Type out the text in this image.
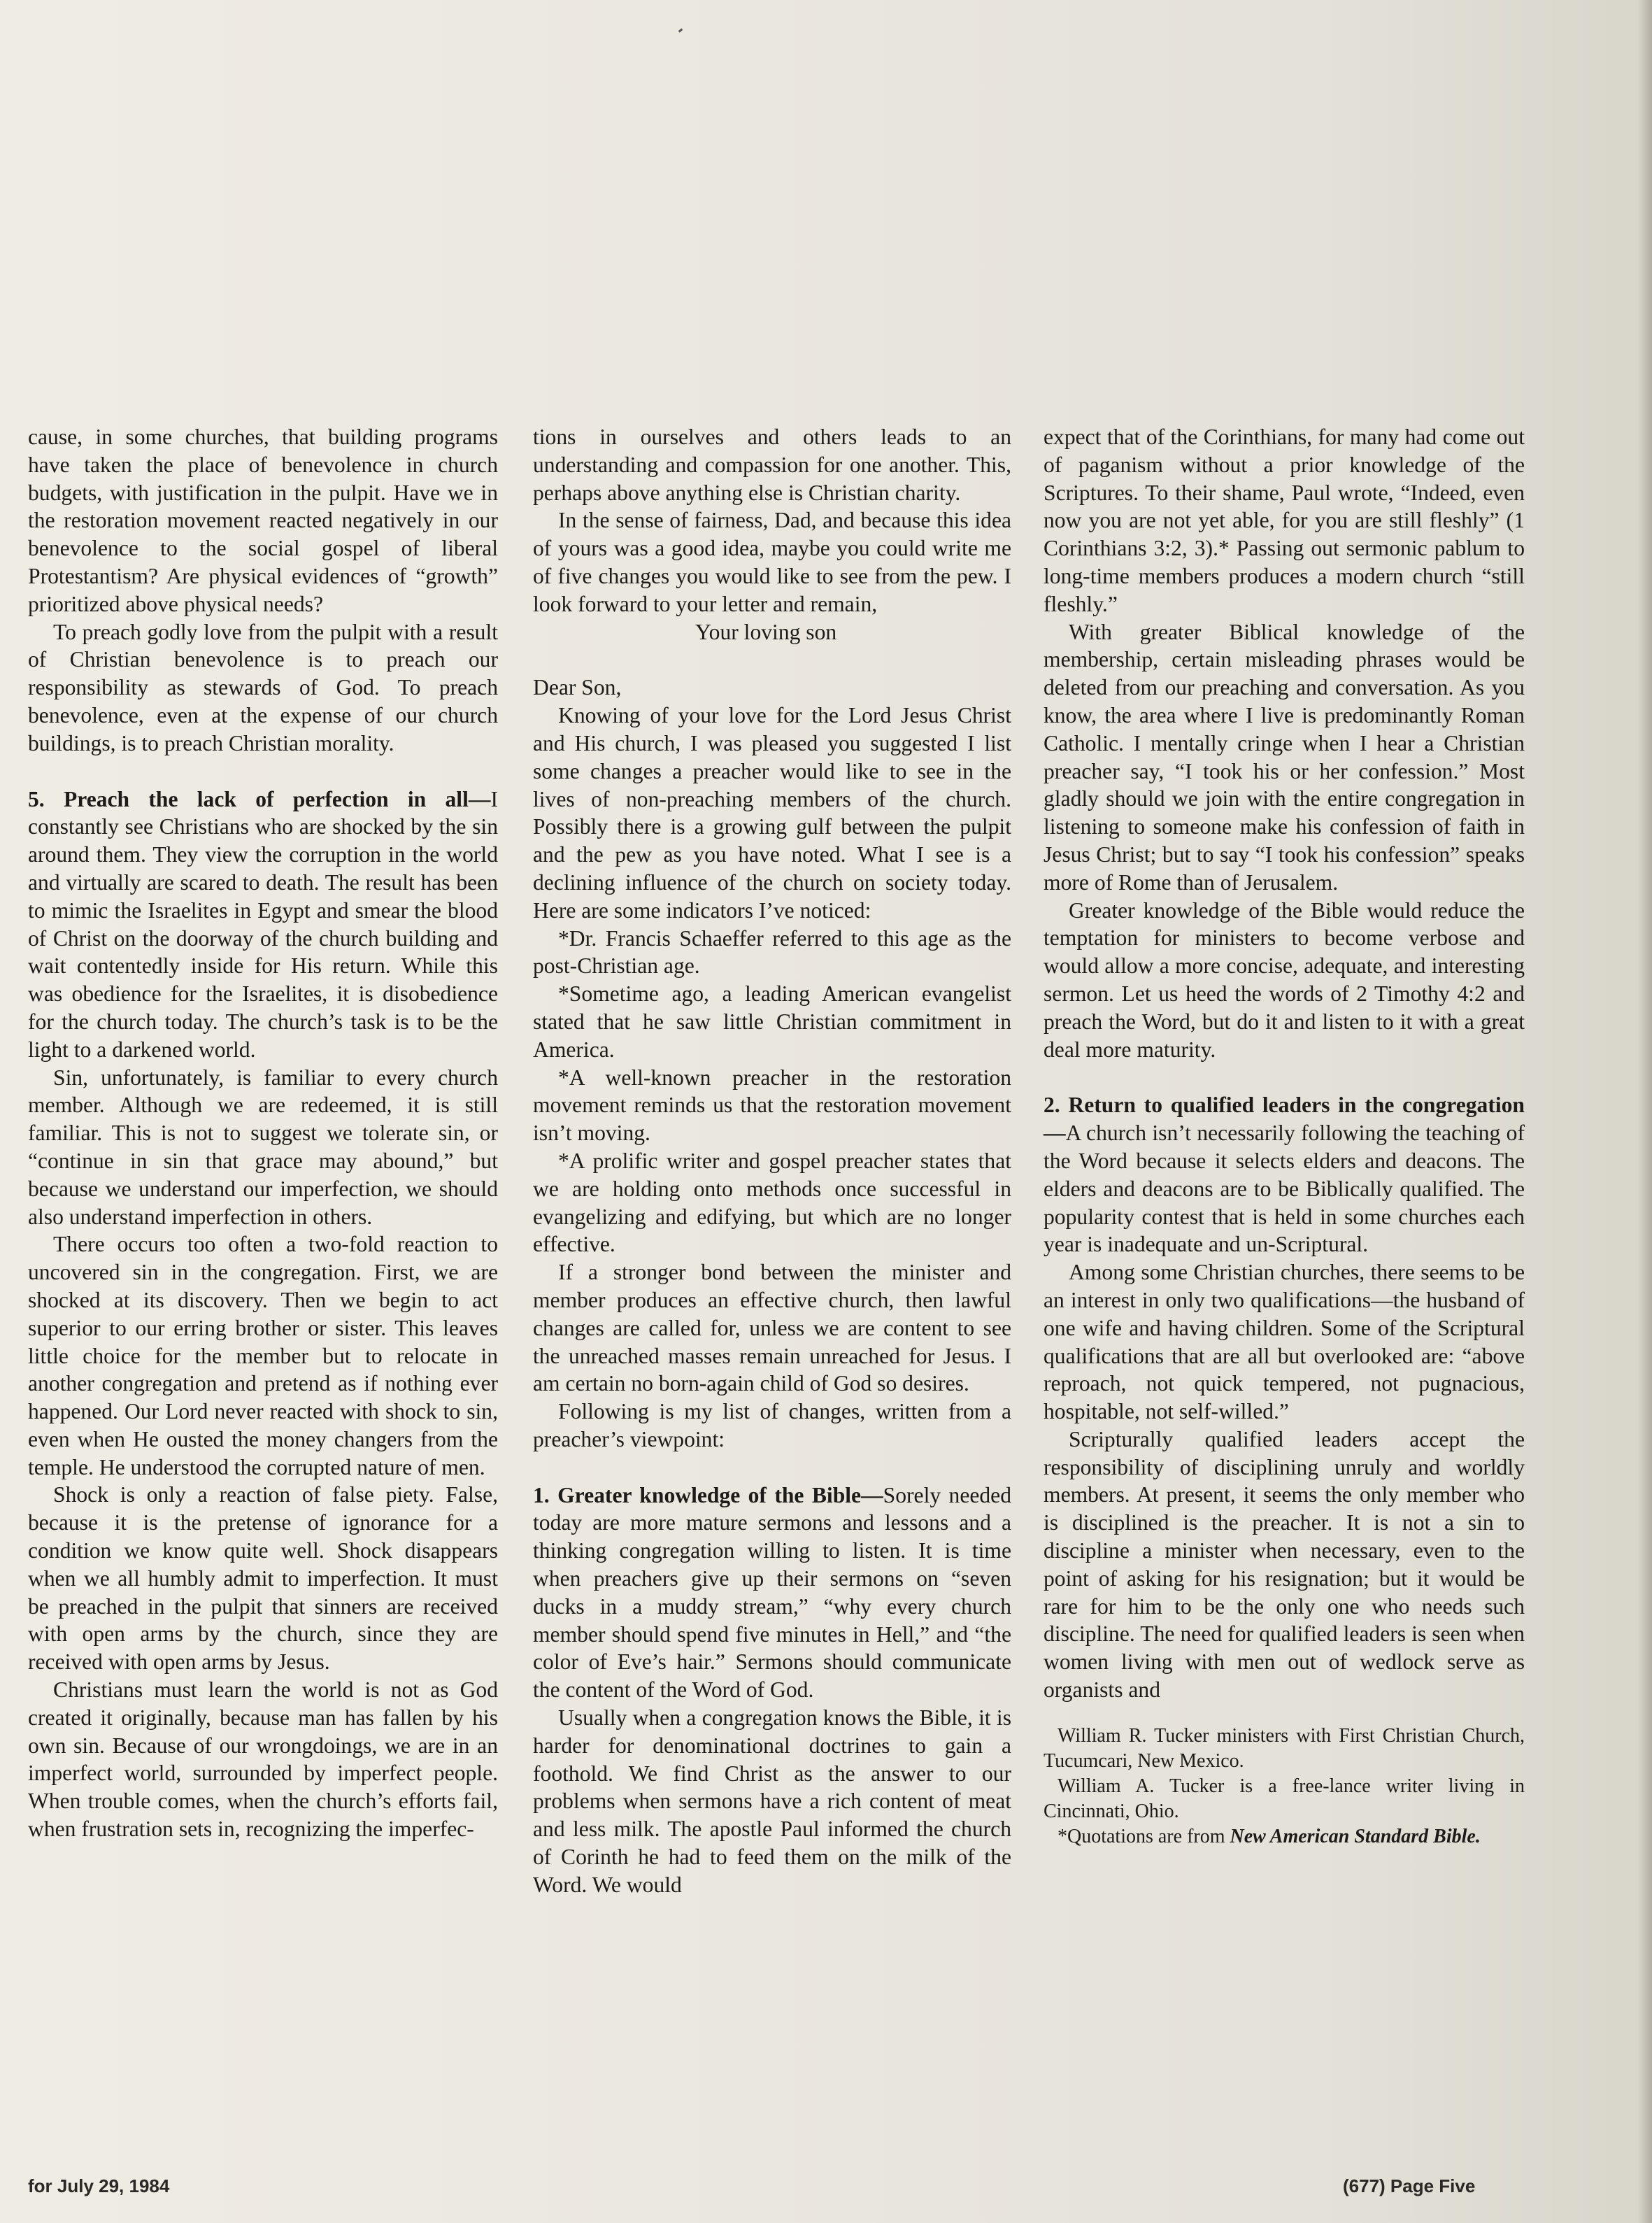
cause, in some churches, that building programs have taken the place of benevolence in church budgets, with justification in the pulpit. Have we in the restoration movement reacted negatively in our benevolence to the social gospel of liberal Protestantism? Are physical evidences of “growth” prioritized above physical needs?

To preach godly love from the pulpit with a result of Christian benevolence is to preach our responsibility as stewards of God. To preach benevolence, even at the expense of our church buildings, is to preach Christian morality.

5. Preach the lack of perfection in all—I constantly see Christians who are shocked by the sin around them. They view the corruption in the world and virtually are scared to death. The result has been to mimic the Israelites in Egypt and smear the blood of Christ on the doorway of the church building and wait contentedly inside for His return. While this was obedience for the Israelites, it is disobedience for the church today. The church’s task is to be the light to a darkened world.

Sin, unfortunately, is familiar to every church member. Although we are redeemed, it is still familiar. This is not to suggest we tolerate sin, or “continue in sin that grace may abound,” but because we understand our imperfection, we should also understand imperfection in others.

There occurs too often a two-fold reaction to uncovered sin in the congregation. First, we are shocked at its discovery. Then we begin to act superior to our erring brother or sister. This leaves little choice for the member but to relocate in another congregation and pretend as if nothing ever happened. Our Lord never reacted with shock to sin, even when He ousted the money changers from the temple. He understood the corrupted nature of men.

Shock is only a reaction of false piety. False, because it is the pretense of ignorance for a condition we know quite well. Shock disappears when we all humbly admit to imperfection. It must be preached in the pulpit that sinners are received with open arms by the church, since they are received with open arms by Jesus.

Christians must learn the world is not as God created it originally, because man has fallen by his own sin. Because of our wrongdoings, we are in an imperfect world, surrounded by imperfect people. When trouble comes, when the church’s efforts fail, when frustration sets in, recognizing the imperfec-

tions in ourselves and others leads to an understanding and compassion for one another. This, perhaps above anything else is Christian charity.

In the sense of fairness, Dad, and because this idea of yours was a good idea, maybe you could write me of five changes you would like to see from the pew. I look forward to your letter and remain,

Your loving son

Dear Son,

Knowing of your love for the Lord Jesus Christ and His church, I was pleased you suggested I list some changes a preacher would like to see in the lives of non-preaching members of the church. Possibly there is a growing gulf between the pulpit and the pew as you have noted. What I see is a declining influence of the church on society today. Here are some indicators I’ve noticed:

*Dr. Francis Schaeffer referred to this age as the post-Christian age.

*Sometime ago, a leading American evangelist stated that he saw little Christian commitment in America.

*A well-known preacher in the restoration movement reminds us that the restoration movement isn’t moving.

*A prolific writer and gospel preacher states that we are holding onto methods once successful in evangelizing and edifying, but which are no longer effective.

If a stronger bond between the minister and member produces an effective church, then lawful changes are called for, unless we are content to see the unreached masses remain unreached for Jesus. I am certain no born-again child of God so desires.

Following is my list of changes, written from a preacher’s viewpoint:

1. Greater knowledge of the Bible—Sorely needed today are more mature sermons and lessons and a thinking congregation willing to listen. It is time when preachers give up their sermons on “seven ducks in a muddy stream,” “why every church member should spend five minutes in Hell,” and “the color of Eve’s hair.” Sermons should communicate the content of the Word of God.

Usually when a congregation knows the Bible, it is harder for denominational doctrines to gain a foothold. We find Christ as the answer to our problems when sermons have a rich content of meat and less milk. The apostle Paul informed the church of Corinth he had to feed them on the milk of the Word. We would

expect that of the Corinthians, for many had come out of paganism without a prior knowledge of the Scriptures. To their shame, Paul wrote, “Indeed, even now you are not yet able, for you are still fleshly” (1 Corinthians 3:2, 3).* Passing out sermonic pablum to long-time members produces a modern church “still fleshly.”

With greater Biblical knowledge of the membership, certain misleading phrases would be deleted from our preaching and conversation. As you know, the area where I live is predominantly Roman Catholic. I mentally cringe when I hear a Christian preacher say, “I took his or her confession.” Most gladly should we join with the entire congregation in listening to someone make his confession of faith in Jesus Christ; but to say “I took his confession” speaks more of Rome than of Jerusalem.

Greater knowledge of the Bible would reduce the temptation for ministers to become verbose and would allow a more concise, adequate, and interesting sermon. Let us heed the words of 2 Timothy 4:2 and preach the Word, but do it and listen to it with a great deal more maturity.

2. Return to qualified leaders in the congregation—A church isn’t necessarily following the teaching of the Word because it selects elders and deacons. The elders and deacons are to be Biblically qualified. The popularity contest that is held in some churches each year is inadequate and un-Scriptural.

Among some Christian churches, there seems to be an interest in only two qualifications—the husband of one wife and having children. Some of the Scriptural qualifications that are all but overlooked are: “above reproach, not quick tempered, not pugnacious, hospitable, not self-willed.”

Scripturally qualified leaders accept the responsibility of disciplining unruly and worldly members. At present, it seems the only member who is disciplined is the preacher. It is not a sin to discipline a minister when necessary, even to the point of asking for his resignation; but it would be rare for him to be the only one who needs such discipline. The need for qualified leaders is seen when women living with men out of wedlock serve as organists and

William R. Tucker ministers with First Christian Church, Tucumcari, New Mexico.

William A. Tucker is a free-lance writer living in Cincinnati, Ohio.

*Quotations are from New American Standard Bible.

for July 29, 1984	(677) Page Five
